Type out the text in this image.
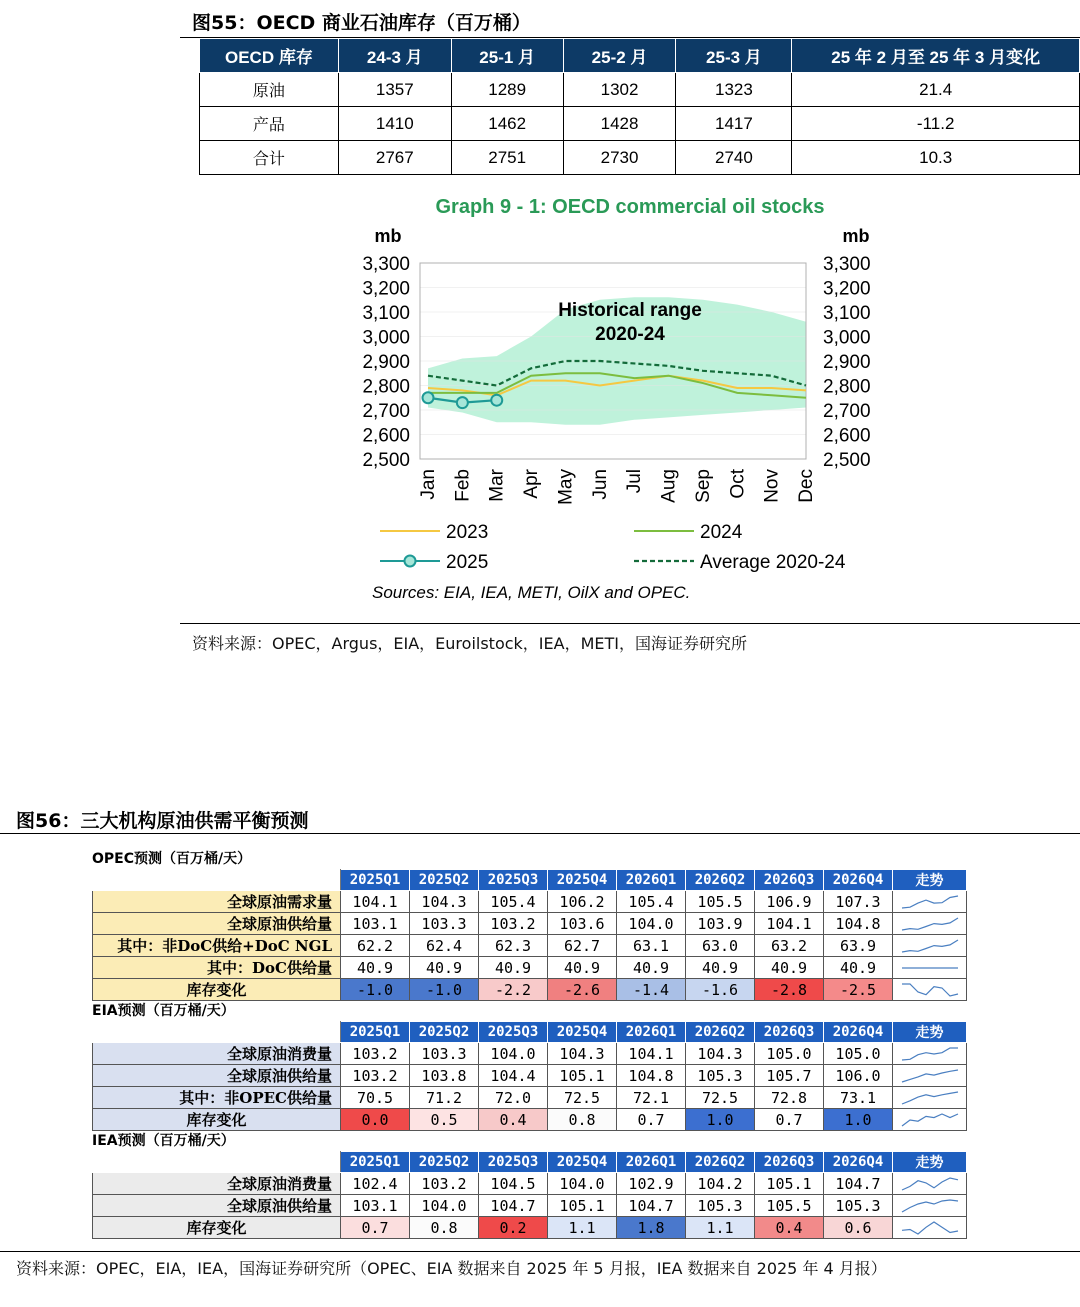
图55：OECD 商业石油库存（百万桶）
OECD 库存	24-3 月	25-1 月	25-2 月	25-3 月	25 年 2 月至 25 年 3 月变化
原油	1357	1289	1302	1323	21.4
产品	1410	1462	1428	1417	-11.2
合计	2767	2751	2730	2740	10.3
Graph 9 - 1: OECD commercial oil stocks
mb	mb
3,300	3,300
3,200	3,200
3,100	3,100
3,000	3,000
2,900	2,900
2,800	2,800
2,700	2,700
2,600	2,600
2,500	2,500
Historical range
2020-24
Jan Feb Mar Apr May Jun Jul Aug Sep Oct Nov Dec
2023	2024
2025	Average 2020-24
Sources: EIA, IEA, METI, OilX and OPEC.
资料来源：OPEC，Argus，EIA，Euroilstock，IEA，METI，国海证券研究所
图56：三大机构原油供需平衡预测
OPEC预测（百万桶/天）
	2025Q1	2025Q2	2025Q3	2025Q4	2026Q1	2026Q2	2026Q3	2026Q4	走势
全球原油需求量	104.1	104.3	105.4	106.2	105.4	105.5	106.9	107.3	

全球原油供给量	103.1	103.3	103.2	103.6	104.0	103.9	104.1	104.8	

其中：非DoC供给+DoC NGL	62.2	62.4	62.3	62.7	63.1	63.0	63.2	63.9	

其中：DoC供给量	40.9	40.9	40.9	40.9	40.9	40.9	40.9	40.9	

库存变化	-1.0	-1.0	-2.2	-2.6	-1.4	-1.6	-2.8	-2.5	
EIA预测（百万桶/天）
	2025Q1	2025Q2	2025Q3	2025Q4	2026Q1	2026Q2	2026Q3	2026Q4	走势
全球原油消费量	103.2	103.3	104.0	104.3	104.1	104.3	105.0	105.0	

全球原油供给量	103.2	103.8	104.4	105.1	104.8	105.3	105.7	106.0	

其中：非OPEC供给量	70.5	71.2	72.0	72.5	72.1	72.5	72.8	73.1	

库存变化	0.0	0.5	0.4	0.8	0.7	1.0	0.7	1.0	
IEA预测（百万桶/天）
	2025Q1	2025Q2	2025Q3	2025Q4	2026Q1	2026Q2	2026Q3	2026Q4	走势
全球原油消费量	102.4	103.2	104.5	104.0	102.9	104.2	105.1	104.7	

全球原油供给量	103.1	104.0	104.7	105.1	104.7	105.3	105.5	105.3	

库存变化	0.7	0.8	0.2	1.1	1.8	1.1	0.4	0.6	
资料来源：OPEC，EIA，IEA，国海证券研究所（OPEC、EIA 数据来自 2025 年 5 月报，IEA 数据来自 2025 年 4 月报）
